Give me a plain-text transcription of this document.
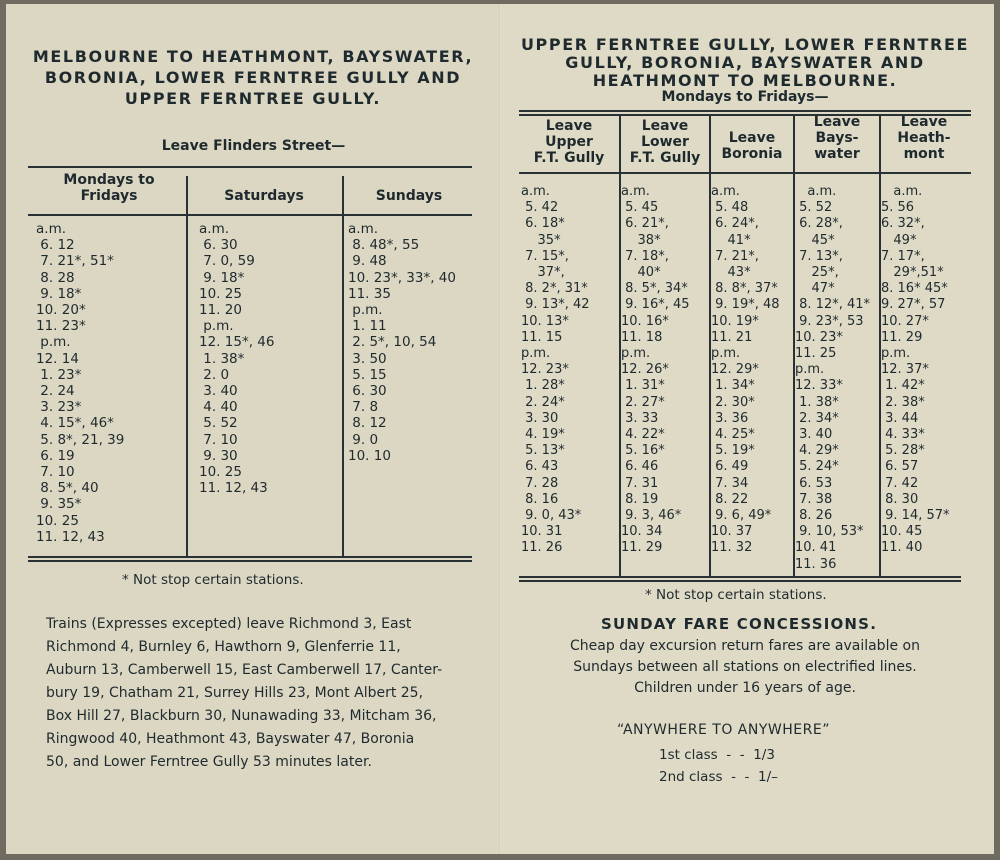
MELBOURNE TO HEATHMONT, BAYSWATER,
BORONIA, LOWER FERNTREE GULLY AND
UPPER FERNTREE GULLY.
Leave Flinders Street—
Mondays to
Fridays	Saturdays	Sundays
a.m.
6. 12
7. 21*, 51*
8. 28
9. 18*
10. 20*
11. 23*
p.m.
12. 14
1. 23*
2. 24
3. 23*
4. 15*, 46*
5. 8*, 21, 39
6. 19
7. 10
8. 5*, 40
9. 35*
10. 25
11. 12, 43
a.m.
6. 30
7. 0, 59
9. 18*
10. 25
11. 20
p.m.
12. 15*, 46
1. 38*
2. 0
3. 40
4. 40
5. 52
7. 10
9. 30
10. 25
11. 12, 43
a.m.
8. 48*, 55
9. 48
10. 23*, 33*, 40
11. 35
p.m.
1. 11
2. 5*, 10, 54
3. 50
5. 15
6. 30
7. 8
8. 12
9. 0
10. 10
* Not stop certain stations.
Trains (Expresses excepted) leave Richmond 3, East
Richmond 4, Burnley 6, Hawthorn 9, Glenferrie 11,
Auburn 13, Camberwell 15, East Camberwell 17, Canter-
bury 19, Chatham 21, Surrey Hills 23, Mont Albert 25,
Box Hill 27, Blackburn 30, Nunawading 33, Mitcham 36,
Ringwood 40, Heathmont 43, Bayswater 47, Boronia
50, and Lower Ferntree Gully 53 minutes later.
UPPER FERNTREE GULLY, LOWER FERNTREE
GULLY, BORONIA, BAYSWATER AND
HEATHMONT TO MELBOURNE.
Mondays to Fridays—
Leave
Upper
F.T. Gully
Leave
Lower
F.T. Gully
Leave
Boronia
Leave
Bays-
water
Leave
Heath-
mont
a.m.
5. 42
6. 18*
35*
7. 15*,
37*,
8. 2*, 31*
9. 13*, 42
10. 13*
11. 15
p.m.
12. 23*
1. 28*
2. 24*
3. 30
4. 19*
5. 13*
6. 43
7. 28
8. 16
9. 0, 43*
10. 31
11. 26
a.m.
5. 45
6. 21*,
38*
7. 18*,
40*
8. 5*, 34*
9. 16*, 45
10. 16*
11. 18
p.m.
12. 26*
1. 31*
2. 27*
3. 33
4. 22*
5. 16*
6. 46
7. 31
8. 19
9. 3, 46*
10. 34
11. 29
a.m.
5. 48
6. 24*,
41*
7. 21*,
43*
8. 8*, 37*
9. 19*, 48
10. 19*
11. 21
p.m.
12. 29*
1. 34*
2. 30*
3. 36
4. 25*
5. 19*
6. 49
7. 34
8. 22
9. 6, 49*
10. 37
11. 32
a.m.
5. 52
6. 28*,
45*
7. 13*,
25*,
47*
8. 12*, 41*
9. 23*, 53
10. 23*
11. 25
p.m.
12. 33*
1. 38*
2. 34*
3. 40
4. 29*
5. 24*
6. 53
7. 38
8. 26
9. 10, 53*
10. 41
11. 36
a.m.
5. 56
6. 32*,
49*
7. 17*,
29*,51*
8. 16* 45*
9. 27*, 57
10. 27*
11. 29
p.m.
12. 37*
1. 42*
2. 38*
3. 44
4. 33*
5. 28*
6. 57
7. 42
8. 30
9. 14, 57*
10. 45
11. 40
* Not stop certain stations.
SUNDAY FARE CONCESSIONS.
Cheap day excursion return fares are available on
Sundays between all stations on electrified lines.
Children under 16 years of age.
“ANYWHERE TO ANYWHERE”
1st class  -  -  1/3
2nd class  -  -  1/–
